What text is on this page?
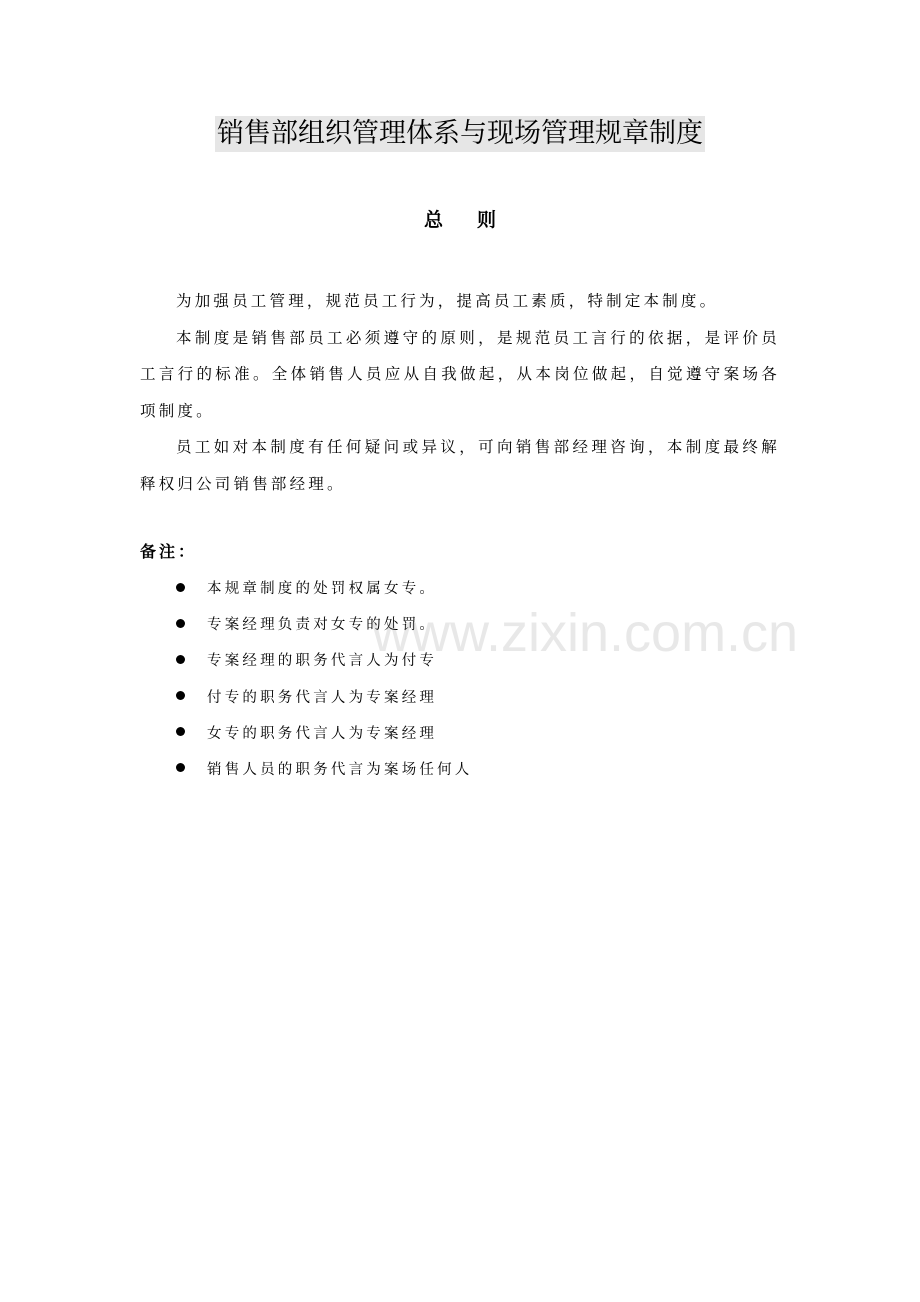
销售部组织管理体系与现场管理规章制度
总 则

为加强员工管理，规范员工行为，提高员工素质，特制定本制度。

本制度是销售部员工必须遵守的原则，是规范员工言行的依据，是评价员工言行的标准。全体销售人员应从自我做起，从本岗位做起，自觉遵守案场各项制度。

员工如对本制度有任何疑问或异议，可向销售部经理咨询，本制度最终解释权归公司销售部经理。

备注：
本规章制度的处罚权属女专。
专案经理负责对女专的处罚。
专案经理的职务代言人为付专
付专的职务代言人为专案经理
女专的职务代言人为专案经理
销售人员的职务代言为案场任何人
www.zixin.com.cn
